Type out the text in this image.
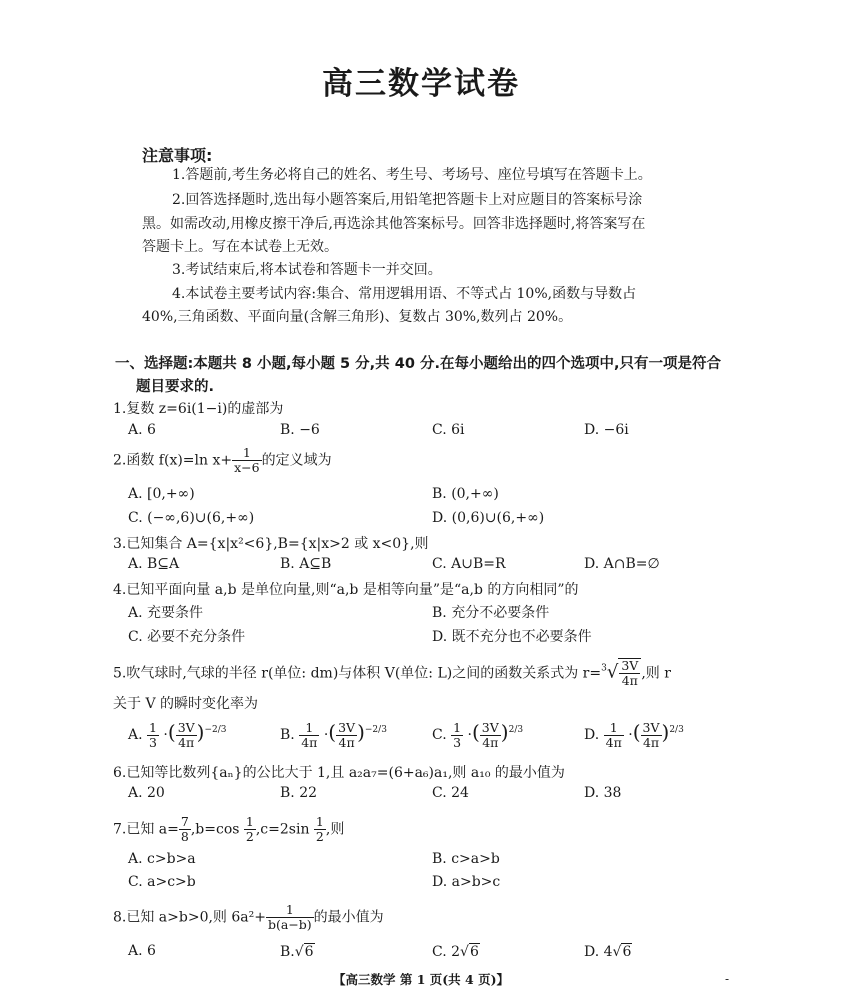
高三数学试卷
注意事项:
1.答题前,考生务必将自己的姓名、考生号、考场号、座位号填写在答题卡上。
2.回答选择题时,选出每小题答案后,用铅笔把答题卡上对应题目的答案标号涂
黑。如需改动,用橡皮擦干净后,再选涂其他答案标号。回答非选择题时,将答案写在
答题卡上。写在本试卷上无效。
3.考试结束后,将本试卷和答题卡一并交回。
4.本试卷主要考试内容:集合、常用逻辑用语、不等式占 10%,函数与导数占
40%,三角函数、平面向量(含解三角形)、复数占 30%,数列占 20%。
一、选择题:本题共 8 小题,每小题 5 分,共 40 分.在每小题给出的四个选项中,只有一项是符合
题目要求的.
1.复数 z=6i(1−i)的虚部为
A. 6	B. −6	C. 6i	D. −6i
2.函数 f(x)=ln $x+ \frac{1}{x-6}$ 的定义域为
A. [0,+∞)	B. (0,+∞)
C. (−∞,6)∪(6,+∞)	D. (0,6)∪(6,+∞)
3.已知集合 A={x|x²<6},B={x|x>2 或 x<0},则
A. B⊆A	B. A⊆B	C. A∪B=R	D. A∩B=∅
4.已知平面向量 a,b 是单位向量,则“a,b 是相等向量”是“a,b 的方向相同”的
A. 充要条件	B. 充分不必要条件
C. 必要不充分条件	D. 既不充分也不必要条件
5.吹气球时,气球的半径 r(单位: dm)与体积 V(单位: L)之间的函数关系式为 $r=^3√ \frac{3V}{4\pi}$ ,则 r
关于 V 的瞬时变化率为
A. $\frac{1}{3}$ ·( $\frac{3V}{4\pi} )^{-2/3}$	B. $\frac{1}{4\pi}$ ·( $\frac{3V}{4\pi} )^{-2/3}$	C. $\frac{1}{3}$ ·( $\frac{3V}{4\pi} )^{2/3}$	D. $\frac{1}{4\pi}$ ·( $\frac{3V}{4\pi} )^{2/3}$
6.已知等比数列{aₙ}的公比大于 1,且 a₂a₇=(6+a₆)a₁,则 a₁₀ 的最小值为
A. 20	B. 22	C. 24	D. 38
7.已知 $a= \frac{7}{8} ,b=\cos \frac{1}{2} ,c=2\sin \frac{1}{2}$ ,则
A. c>b>a	B. c>a>b
C. a>c>b	D. a>b>c
8.已知 a>b>0,则 $6a^2+ \frac{1}{b(a-b)}$ 的最小值为
A. 6	B.√6	C. 2√6	D. 4√6
【高三数学 第 1 页(共 4 页)】	-
